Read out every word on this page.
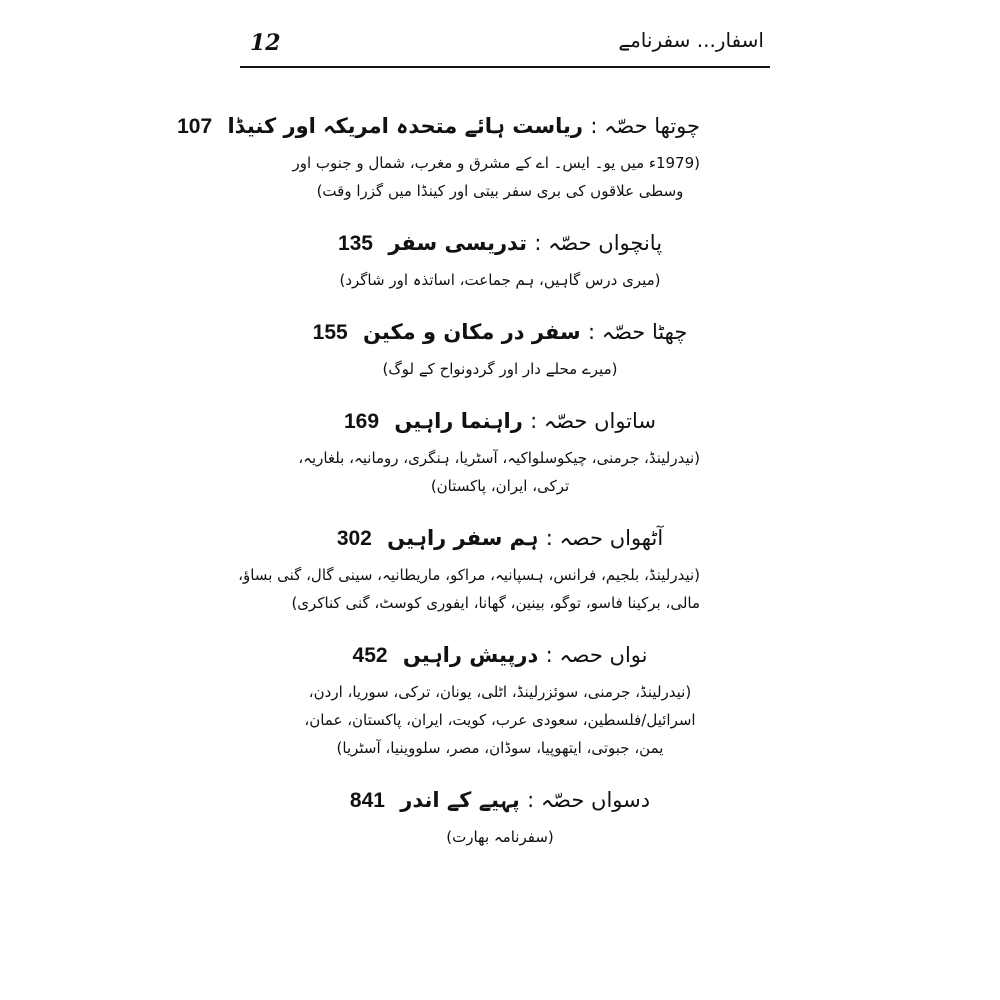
12	اسفار... سفرنامے
چوتھا حصّہ : ریاست ہائے متحدہ امریکہ اور کنیڈا 107
(1979ء میں یو۔ ایس۔ اے کے مشرق و مغرب، شمال و جنوب اور
وسطی علاقوں کی بری سفر بیتی اور کینڈا میں گزرا وقت)
پانچواں حصّہ : تدریسی سفر 135
(میری درس گاہیں، ہم جماعت، اساتذہ اور شاگرد)
چھٹا حصّہ : سفر در مکان و مکین 155
(میرے محلے دار اور گردونواح کے لوگ)
ساتواں حصّہ : راہنما راہیں 169
(نیدرلینڈ، جرمنی، چیکوسلواکیہ، آسٹریا، ہنگری، رومانیہ، بلغاریہ،
ترکی، ایران، پاکستان)
آٹھواں حصہ : ہم سفر راہیں 302
(نیدرلینڈ، بلجیم، فرانس، ہسپانیہ، مراکو، ماریطانیہ، سینی گال، گنی بساؤ،
مالی، برکینا فاسو، توگو، بینین، گھانا، ایفوری کوسٹ، گنی کناکری)
نواں حصہ : درپیش راہیں 452
(نیدرلینڈ، جرمنی، سوئزرلینڈ، اٹلی، یونان، ترکی، سوریا، اردن،
اسرائیل/فلسطین، سعودی عرب، کویت، ایران، پاکستان، عمان،
یمن، جبوتی، ایتھوپیا، سوڈان، مصر، سلووینیا، آسٹریا)
دسواں حصّہ : پہیے کے اندر 841
(سفرنامہ بھارت)
